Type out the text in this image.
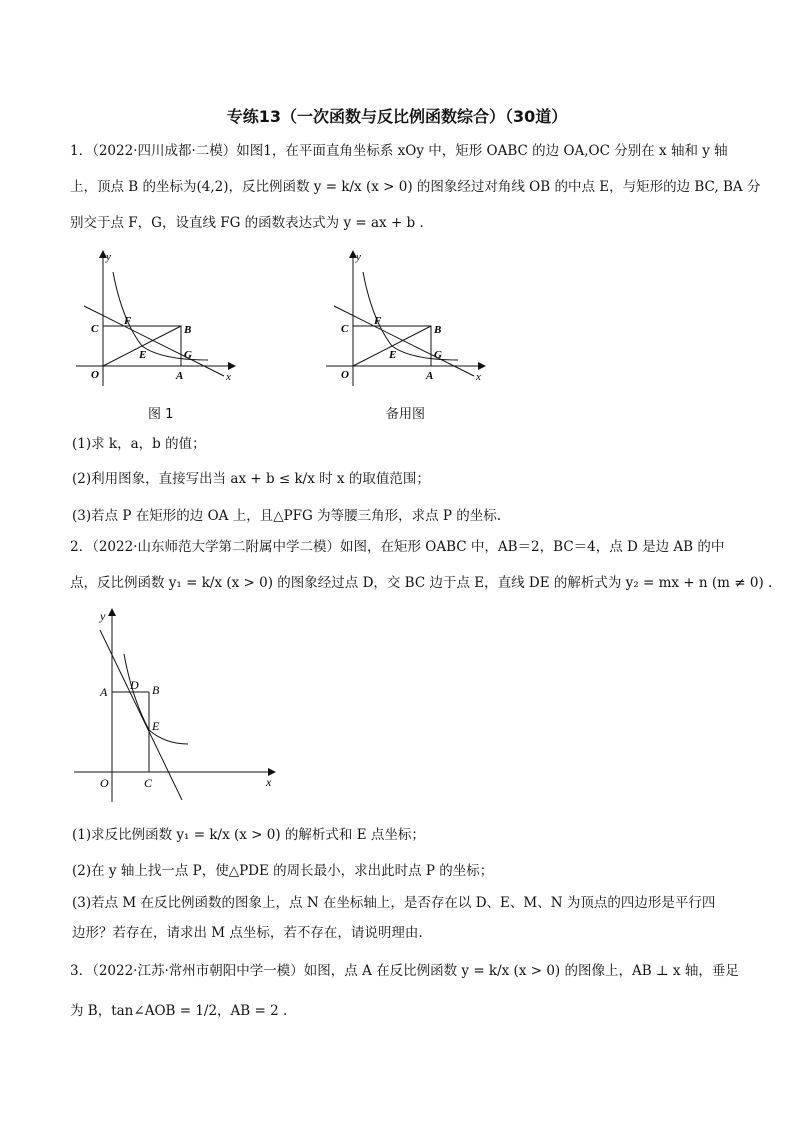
专练13（一次函数与反比例函数综合）（30道）
1．（2022·四川成都·二模）如图1，在平面直角坐标系 xOy 中，矩形 OABC 的边 OA,OC 分别在 x 轴和 y 轴
上，顶点 B 的坐标为(4,2)，反比例函数 y = k/x (x > 0) 的图象经过对角线 OB 的中点 E，与矩形的边 BC, BA 分
别交于点 F，G，设直线 FG 的函数表达式为 y = ax + b .
y
x
O	A
B
C
E
F
G
y
x
O	A
B
C
E
F
G
图 1	备用图
(1)求 k，a，b 的值；
(2)利用图象，直接写出当 ax + b ≤ k/x 时 x 的取值范围；
(3)若点 P 在矩形的边 OA 上，且△PFG 为等腰三角形，求点 P 的坐标.
2．（2022·山东师范大学第二附属中学二模）如图，在矩形 OABC 中，AB＝2，BC＝4，点 D 是边 AB 的中
点，反比例函数 y₁ = k/x (x > 0) 的图象经过点 D，交 BC 边于点 E，直线 DE 的解析式为 y₂ = mx + n (m ≠ 0) .
y
x
O
A	B
C
D
E
(1)求反比例函数 y₁ = k/x (x > 0) 的解析式和 E 点坐标；
(2)在 y 轴上找一点 P，使△PDE 的周长最小，求出此时点 P 的坐标；
(3)若点 M 在反比例函数的图象上，点 N 在坐标轴上，是否存在以 D、E、M、N 为顶点的四边形是平行四
边形？若存在，请求出 M 点坐标，若不存在，请说明理由.
3．（2022·江苏·常州市朝阳中学一模）如图，点 A 在反比例函数 y = k/x (x > 0) 的图像上，AB ⊥ x 轴，垂足
为 B，tan∠AOB = 1/2，AB = 2 .
